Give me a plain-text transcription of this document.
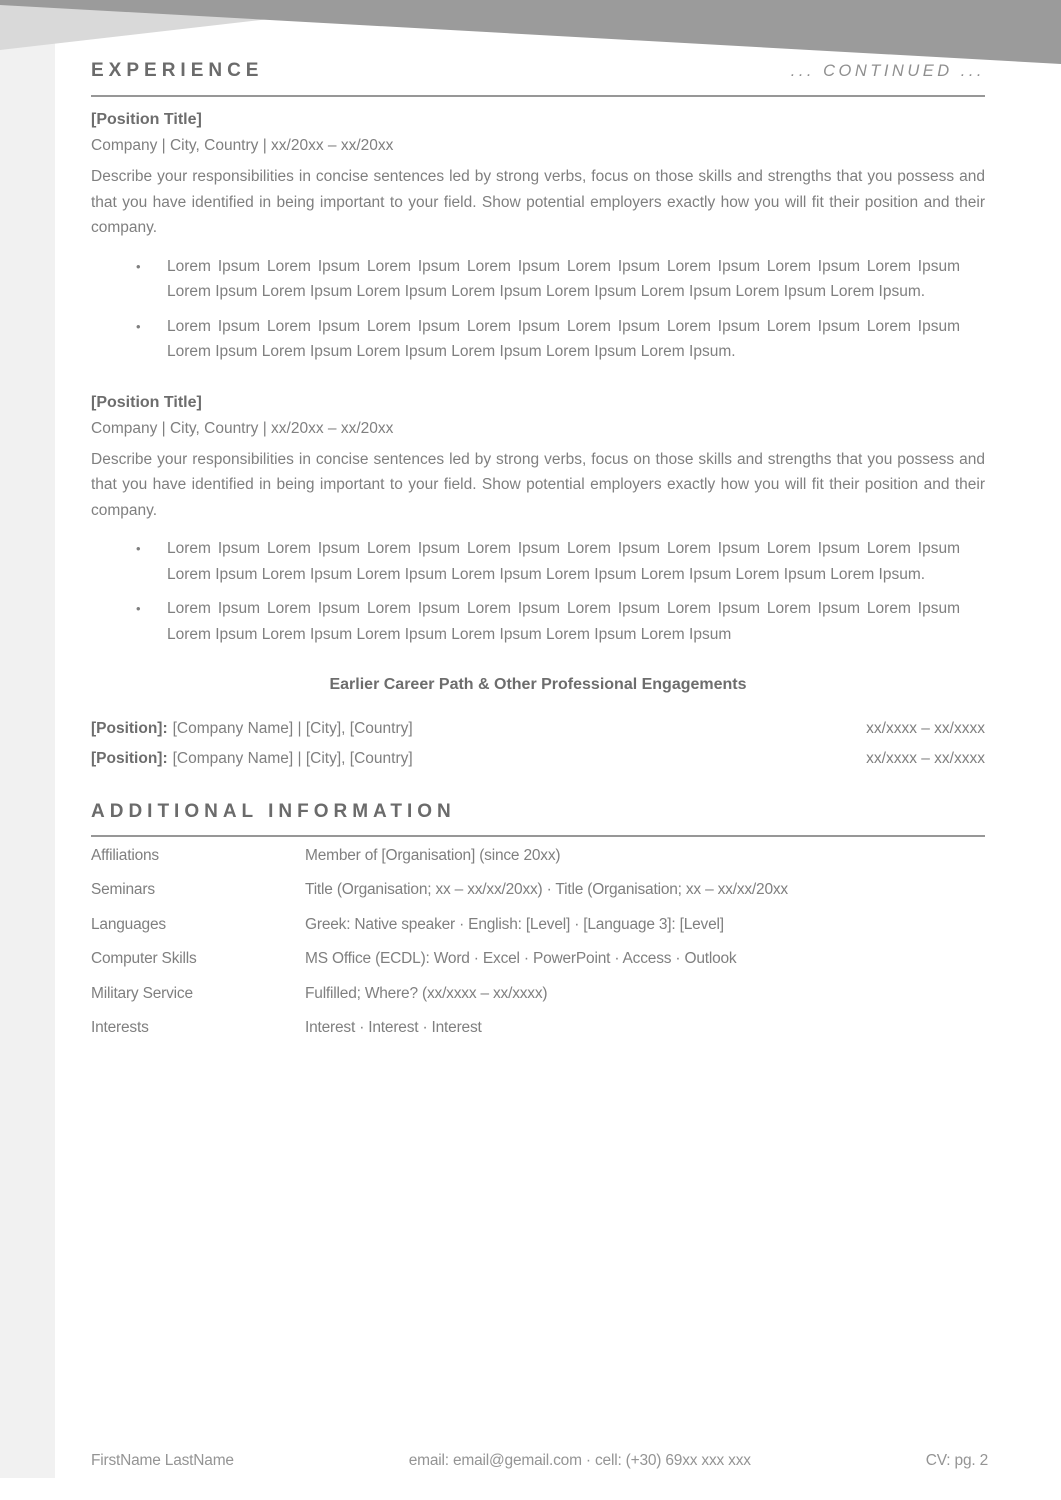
EXPERIENCE	... CONTINUED ...
[Position Title]
Company | City, Country | xx/20xx – xx/20xx
Describe your responsibilities in concise sentences led by strong verbs, focus on those skills and strengths that you possess and that you have identified in being important to your field. Show potential employers exactly how you will fit their position and their company.
• Lorem Ipsum Lorem Ipsum Lorem Ipsum Lorem Ipsum Lorem Ipsum Lorem Ipsum Lorem Ipsum Lorem Ipsum Lorem Ipsum Lorem Ipsum Lorem Ipsum Lorem Ipsum Lorem Ipsum Lorem Ipsum Lorem Ipsum Lorem Ipsum.
• Lorem Ipsum Lorem Ipsum Lorem Ipsum Lorem Ipsum Lorem Ipsum Lorem Ipsum Lorem Ipsum Lorem Ipsum Lorem Ipsum Lorem Ipsum Lorem Ipsum Lorem Ipsum Lorem Ipsum Lorem Ipsum.
[Position Title]
Company | City, Country | xx/20xx – xx/20xx
Describe your responsibilities in concise sentences led by strong verbs, focus on those skills and strengths that you possess and that you have identified in being important to your field. Show potential employers exactly how you will fit their position and their company.
• Lorem Ipsum Lorem Ipsum Lorem Ipsum Lorem Ipsum Lorem Ipsum Lorem Ipsum Lorem Ipsum Lorem Ipsum Lorem Ipsum Lorem Ipsum Lorem Ipsum Lorem Ipsum Lorem Ipsum Lorem Ipsum Lorem Ipsum Lorem Ipsum.
• Lorem Ipsum Lorem Ipsum Lorem Ipsum Lorem Ipsum Lorem Ipsum Lorem Ipsum Lorem Ipsum Lorem Ipsum Lorem Ipsum Lorem Ipsum Lorem Ipsum Lorem Ipsum Lorem Ipsum Lorem Ipsum
Earlier Career Path & Other Professional Engagements
[Position]: [Company Name] | [City], [Country]	xx/xxxx – xx/xxxx
[Position]: [Company Name] | [City], [Country]	xx/xxxx – xx/xxxx
ADDITIONAL INFORMATION
Affiliations	Member of [Organisation] (since 20xx)
Seminars	Title (Organisation; xx – xx/xx/20xx) · Title (Organisation; xx – xx/xx/20xx
Languages	Greek: Native speaker · English: [Level] · [Language 3]: [Level]
Computer Skills	MS Office (ECDL): Word · Excel · PowerPoint · Access · Outlook
Military Service	Fulfilled; Where? (xx/xxxx – xx/xxxx)
Interests	Interest · Interest · Interest
FirstName LastName	email: email@gemail.com · cell: (+30) 69xx xxx xxx	CV: pg. 2
